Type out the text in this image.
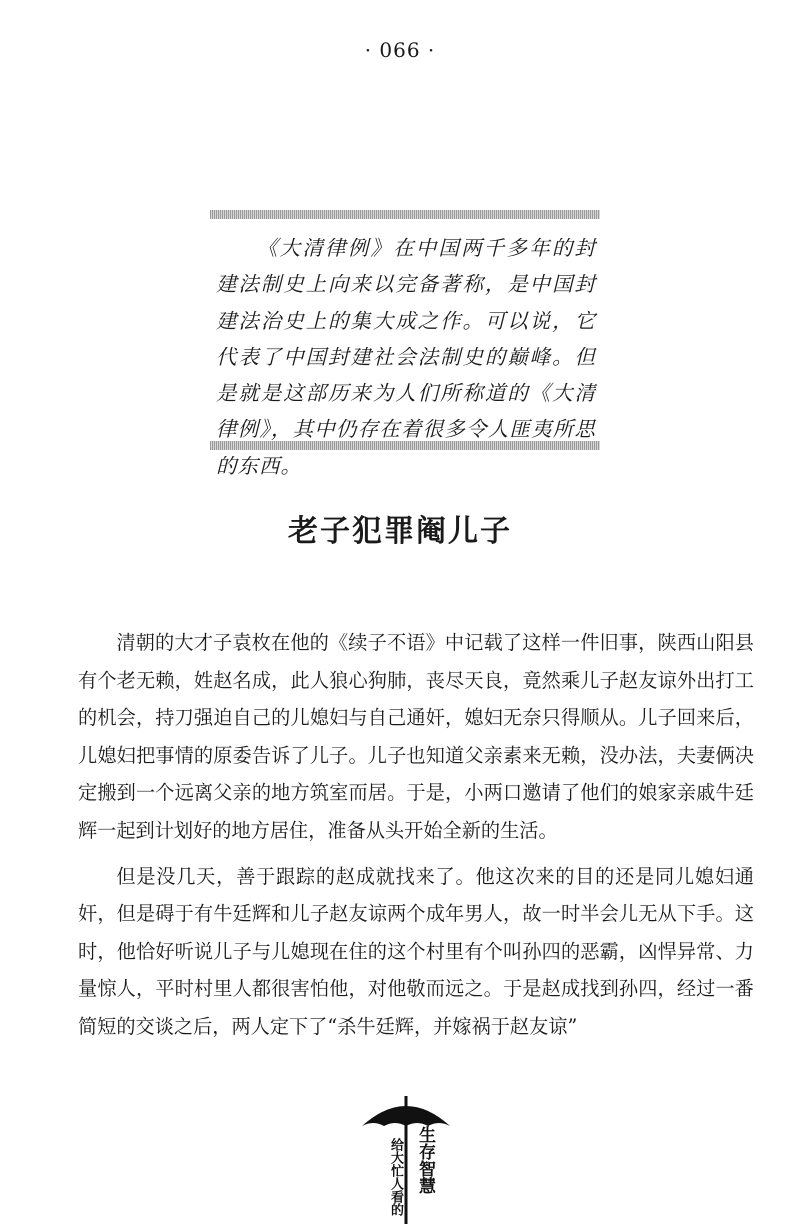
· 066 ·
《大清律例》在中国两千多年的封建法制史上向来以完备著称，是中国封建法治史上的集大成之作。可以说，它代表了中国封建社会法制史的巅峰。但是就是这部历来为人们所称道的《大清律例》，其中仍存在着很多令人匪夷所思的东西。
老子犯罪阉儿子

清朝的大才子袁枚在他的《续子不语》中记载了这样一件旧事，陕西山阳县有个老无赖，姓赵名成，此人狼心狗肺，丧尽天良，竟然乘儿子赵友谅外出打工的机会，持刀强迫自己的儿媳妇与自己通奸，媳妇无奈只得顺从。儿子回来后，儿媳妇把事情的原委告诉了儿子。儿子也知道父亲素来无赖，没办法，夫妻俩决定搬到一个远离父亲的地方筑室而居。于是，小两口邀请了他们的娘家亲戚牛廷辉一起到计划好的地方居住，准备从头开始全新的生活。

但是没几天，善于跟踪的赵成就找来了。他这次来的目的还是同儿媳妇通奸，但是碍于有牛廷辉和儿子赵友谅两个成年男人，故一时半会儿无从下手。这时，他恰好听说儿子与儿媳现在住的这个村里有个叫孙四的恶霸，凶悍异常、力量惊人，平时村里人都很害怕他，对他敬而远之。于是赵成找到孙四，经过一番简短的交谈之后，两人定下了“杀牛廷辉，并嫁祸于赵友谅”

生存智慧
给大忙人看的
